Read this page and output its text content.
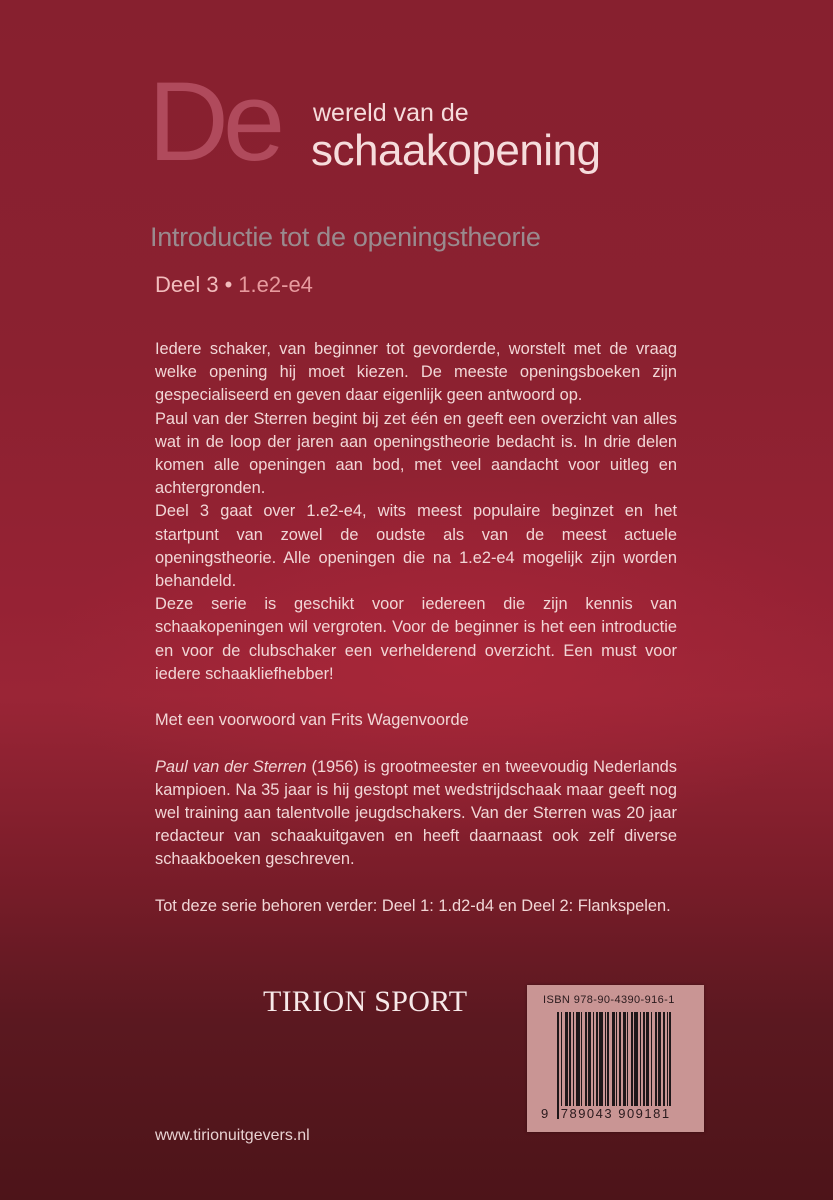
De wereld van de
schaakopening
Introductie tot de openingstheorie
Deel 3 • 1.e2-e4

Iedere schaker, van beginner tot gevorderde, worstelt met de vraag welke opening hij moet kiezen. De meeste openingsboeken zijn gespecialiseerd en geven daar eigenlijk geen antwoord op.

Paul van der Sterren begint bij zet één en geeft een overzicht van alles wat in de loop der jaren aan openingstheorie bedacht is. In drie delen komen alle openingen aan bod, met veel aandacht voor uitleg en achtergronden.

Deel 3 gaat over 1.e2-e4, wits meest populaire beginzet en het startpunt van zowel de oudste als van de meest actuele openingstheorie. Alle openingen die na 1.e2-e4 mogelijk zijn worden behandeld.

Deze serie is geschikt voor iedereen die zijn kennis van schaakopeningen wil vergroten. Voor de beginner is het een introductie en voor de clubschaker een verhelderend overzicht. Een must voor iedere schaakliefhebber!

Met een voorwoord van Frits Wagenvoorde

Paul van der Sterren (1956) is grootmeester en tweevoudig Nederlands kampioen. Na 35 jaar is hij gestopt met wedstrijdschaak maar geeft nog wel training aan talentvolle jeugdschakers. Van der Sterren was 20 jaar redacteur van schaakuitgaven en heeft daarnaast ook zelf diverse schaakboeken geschreven.

Tot deze serie behoren verder: Deel 1: 1.d2-d4 en Deel 2: Flankspelen.

TIRION SPORT
www.tirionuitgevers.nl
ISBN 978-90-4390-916-1
9 789043 909181
